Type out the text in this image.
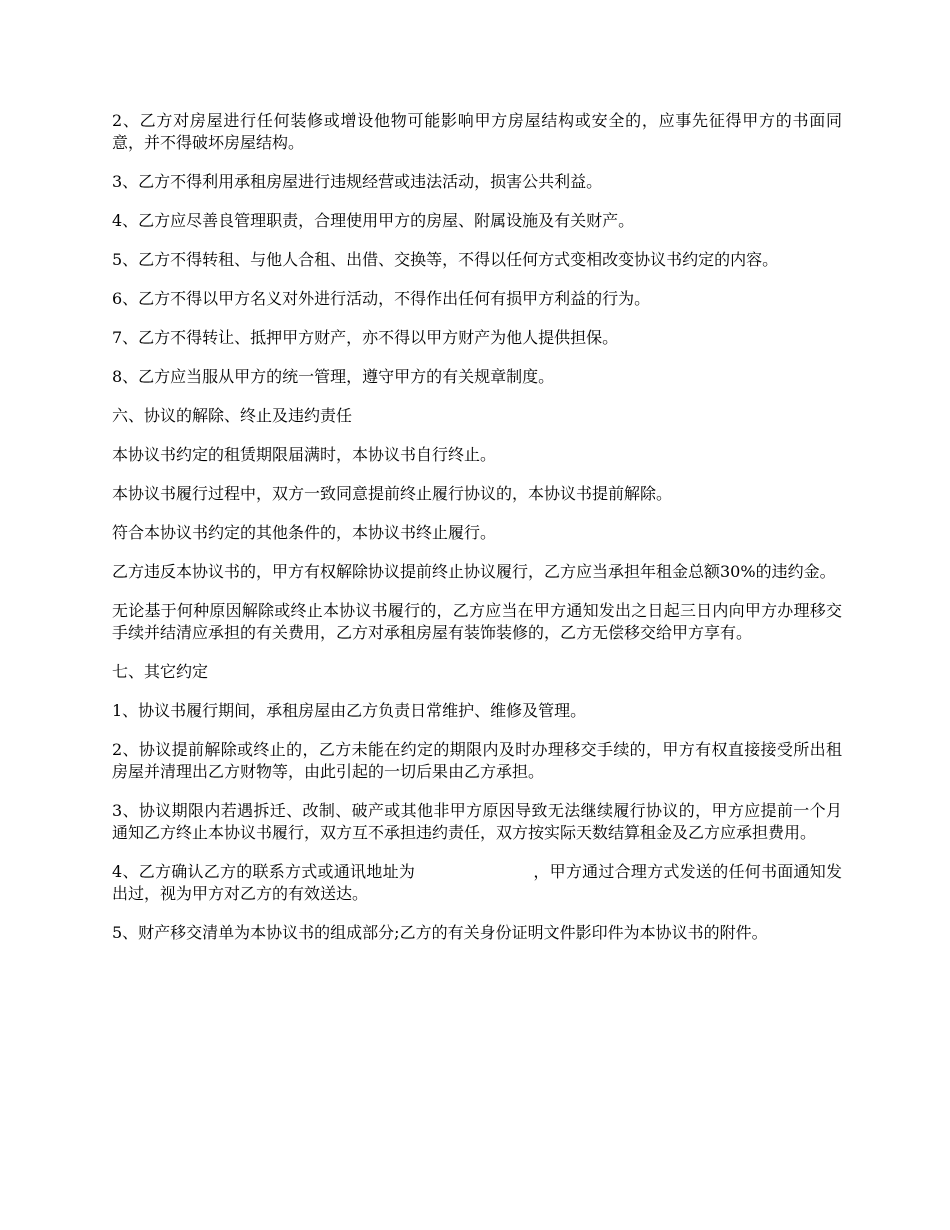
2、乙方对房屋进行任何装修或增设他物可能影响甲方房屋结构或安全的，应事先征得甲方的书面同意，并不得破坏房屋结构。

3、乙方不得利用承租房屋进行违规经营或违法活动，损害公共利益。

4、乙方应尽善良管理职责，合理使用甲方的房屋、附属设施及有关财产。

5、乙方不得转租、与他人合租、出借、交换等，不得以任何方式变相改变协议书约定的内容。

6、乙方不得以甲方名义对外进行活动，不得作出任何有损甲方利益的行为。

7、乙方不得转让、抵押甲方财产，亦不得以甲方财产为他人提供担保。

8、乙方应当服从甲方的统一管理，遵守甲方的有关规章制度。

六、协议的解除、终止及违约责任

本协议书约定的租赁期限届满时，本协议书自行终止。

本协议书履行过程中，双方一致同意提前终止履行协议的，本协议书提前解除。

符合本协议书约定的其他条件的，本协议书终止履行。

乙方违反本协议书的，甲方有权解除协议提前终止协议履行，乙方应当承担年租金总额30%的违约金。

无论基于何种原因解除或终止本协议书履行的，乙方应当在甲方通知发出之日起三日内向甲方办理移交手续并结清应承担的有关费用，乙方对承租房屋有装饰装修的，乙方无偿移交给甲方享有。

七、其它约定

1、协议书履行期间，承租房屋由乙方负责日常维护、维修及管理。

2、协议提前解除或终止的，乙方未能在约定的期限内及时办理移交手续的，甲方有权直接接受所出租房屋并清理出乙方财物等，由此引起的一切后果由乙方承担。

3、协议期限内若遇拆迁、改制、破产或其他非甲方原因导致无法继续履行协议的，甲方应提前一个月通知乙方终止本协议书履行，双方互不承担违约责任，双方按实际天数结算租金及乙方应承担费用。

4、乙方确认乙方的联系方式或通讯地址为	，甲方通过合理方式发送的任何书面通知发出过，视为甲方对乙方的有效送达。

5、财产移交清单为本协议书的组成部分;乙方的有关身份证明文件影印件为本协议书的附件。
